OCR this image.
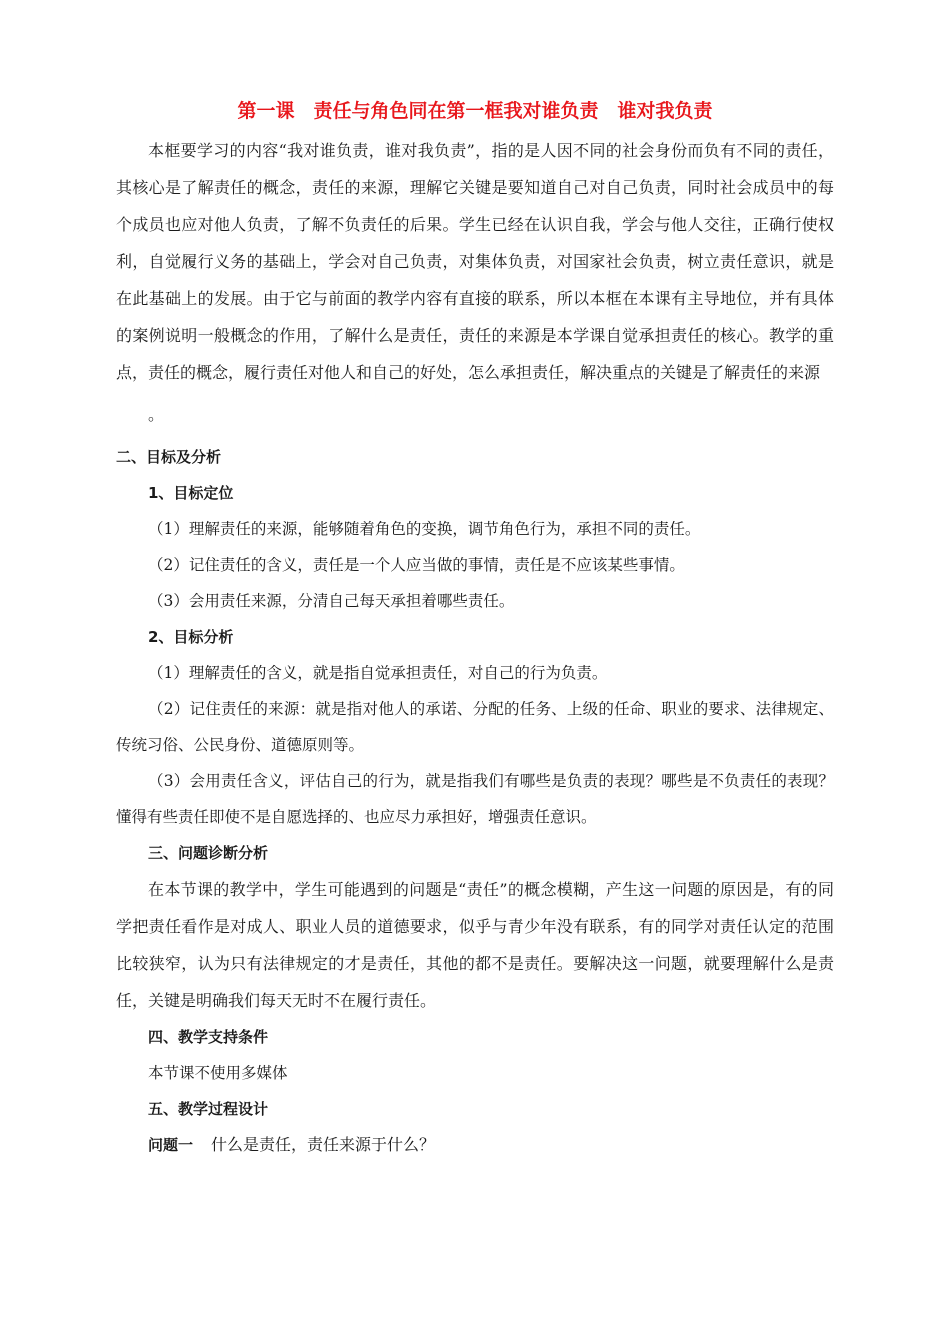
第一课　责任与角色同在第一框我对谁负责　谁对我负责

本框要学习的内容“我对谁负责，谁对我负责”，指的是人因不同的社会身份而负有不同的责任，其核心是了解责任的概念，责任的来源，理解它关键是要知道自己对自己负责，同时社会成员中的每个成员也应对他人负责，了解不负责任的后果。学生已经在认识自我，学会与他人交往，正确行使权利，自觉履行义务的基础上，学会对自己负责，对集体负责，对国家社会负责，树立责任意识，就是在此基础上的发展。由于它与前面的教学内容有直接的联系，所以本框在本课有主导地位，并有具体的案例说明一般概念的作用，了解什么是责任，责任的来源是本学课自觉承担责任的核心。教学的重点，责任的概念，履行责任对他人和自己的好处，怎么承担责任，解决重点的关键是了解责任的来源

。

二、目标及分析

1、目标定位

（1）理解责任的来源，能够随着角色的变换，调节角色行为，承担不同的责任。

（2）记住责任的含义，责任是一个人应当做的事情，责任是不应该某些事情。

（3）会用责任来源，分清自己每天承担着哪些责任。

2、目标分析

（1）理解责任的含义，就是指自觉承担责任，对自己的行为负责。

（2）记住责任的来源：就是指对他人的承诺、分配的任务、上级的任命、职业的要求、法律规定、传统习俗、公民身份、道德原则等。

（3）会用责任含义，评估自己的行为，就是指我们有哪些是负责的表现？哪些是不负责任的表现？懂得有些责任即使不是自愿选择的、也应尽力承担好，增强责任意识。

三、问题诊断分析

在本节课的教学中，学生可能遇到的问题是“责任”的概念模糊，产生这一问题的原因是，有的同学把责任看作是对成人、职业人员的道德要求，似乎与青少年没有联系，有的同学对责任认定的范围比较狭窄，认为只有法律规定的才是责任，其他的都不是责任。要解决这一问题，就要理解什么是责任，关键是明确我们每天无时不在履行责任。

四、教学支持条件

本节课不使用多媒体

五、教学过程设计

问题一 什么是责任，责任来源于什么？
